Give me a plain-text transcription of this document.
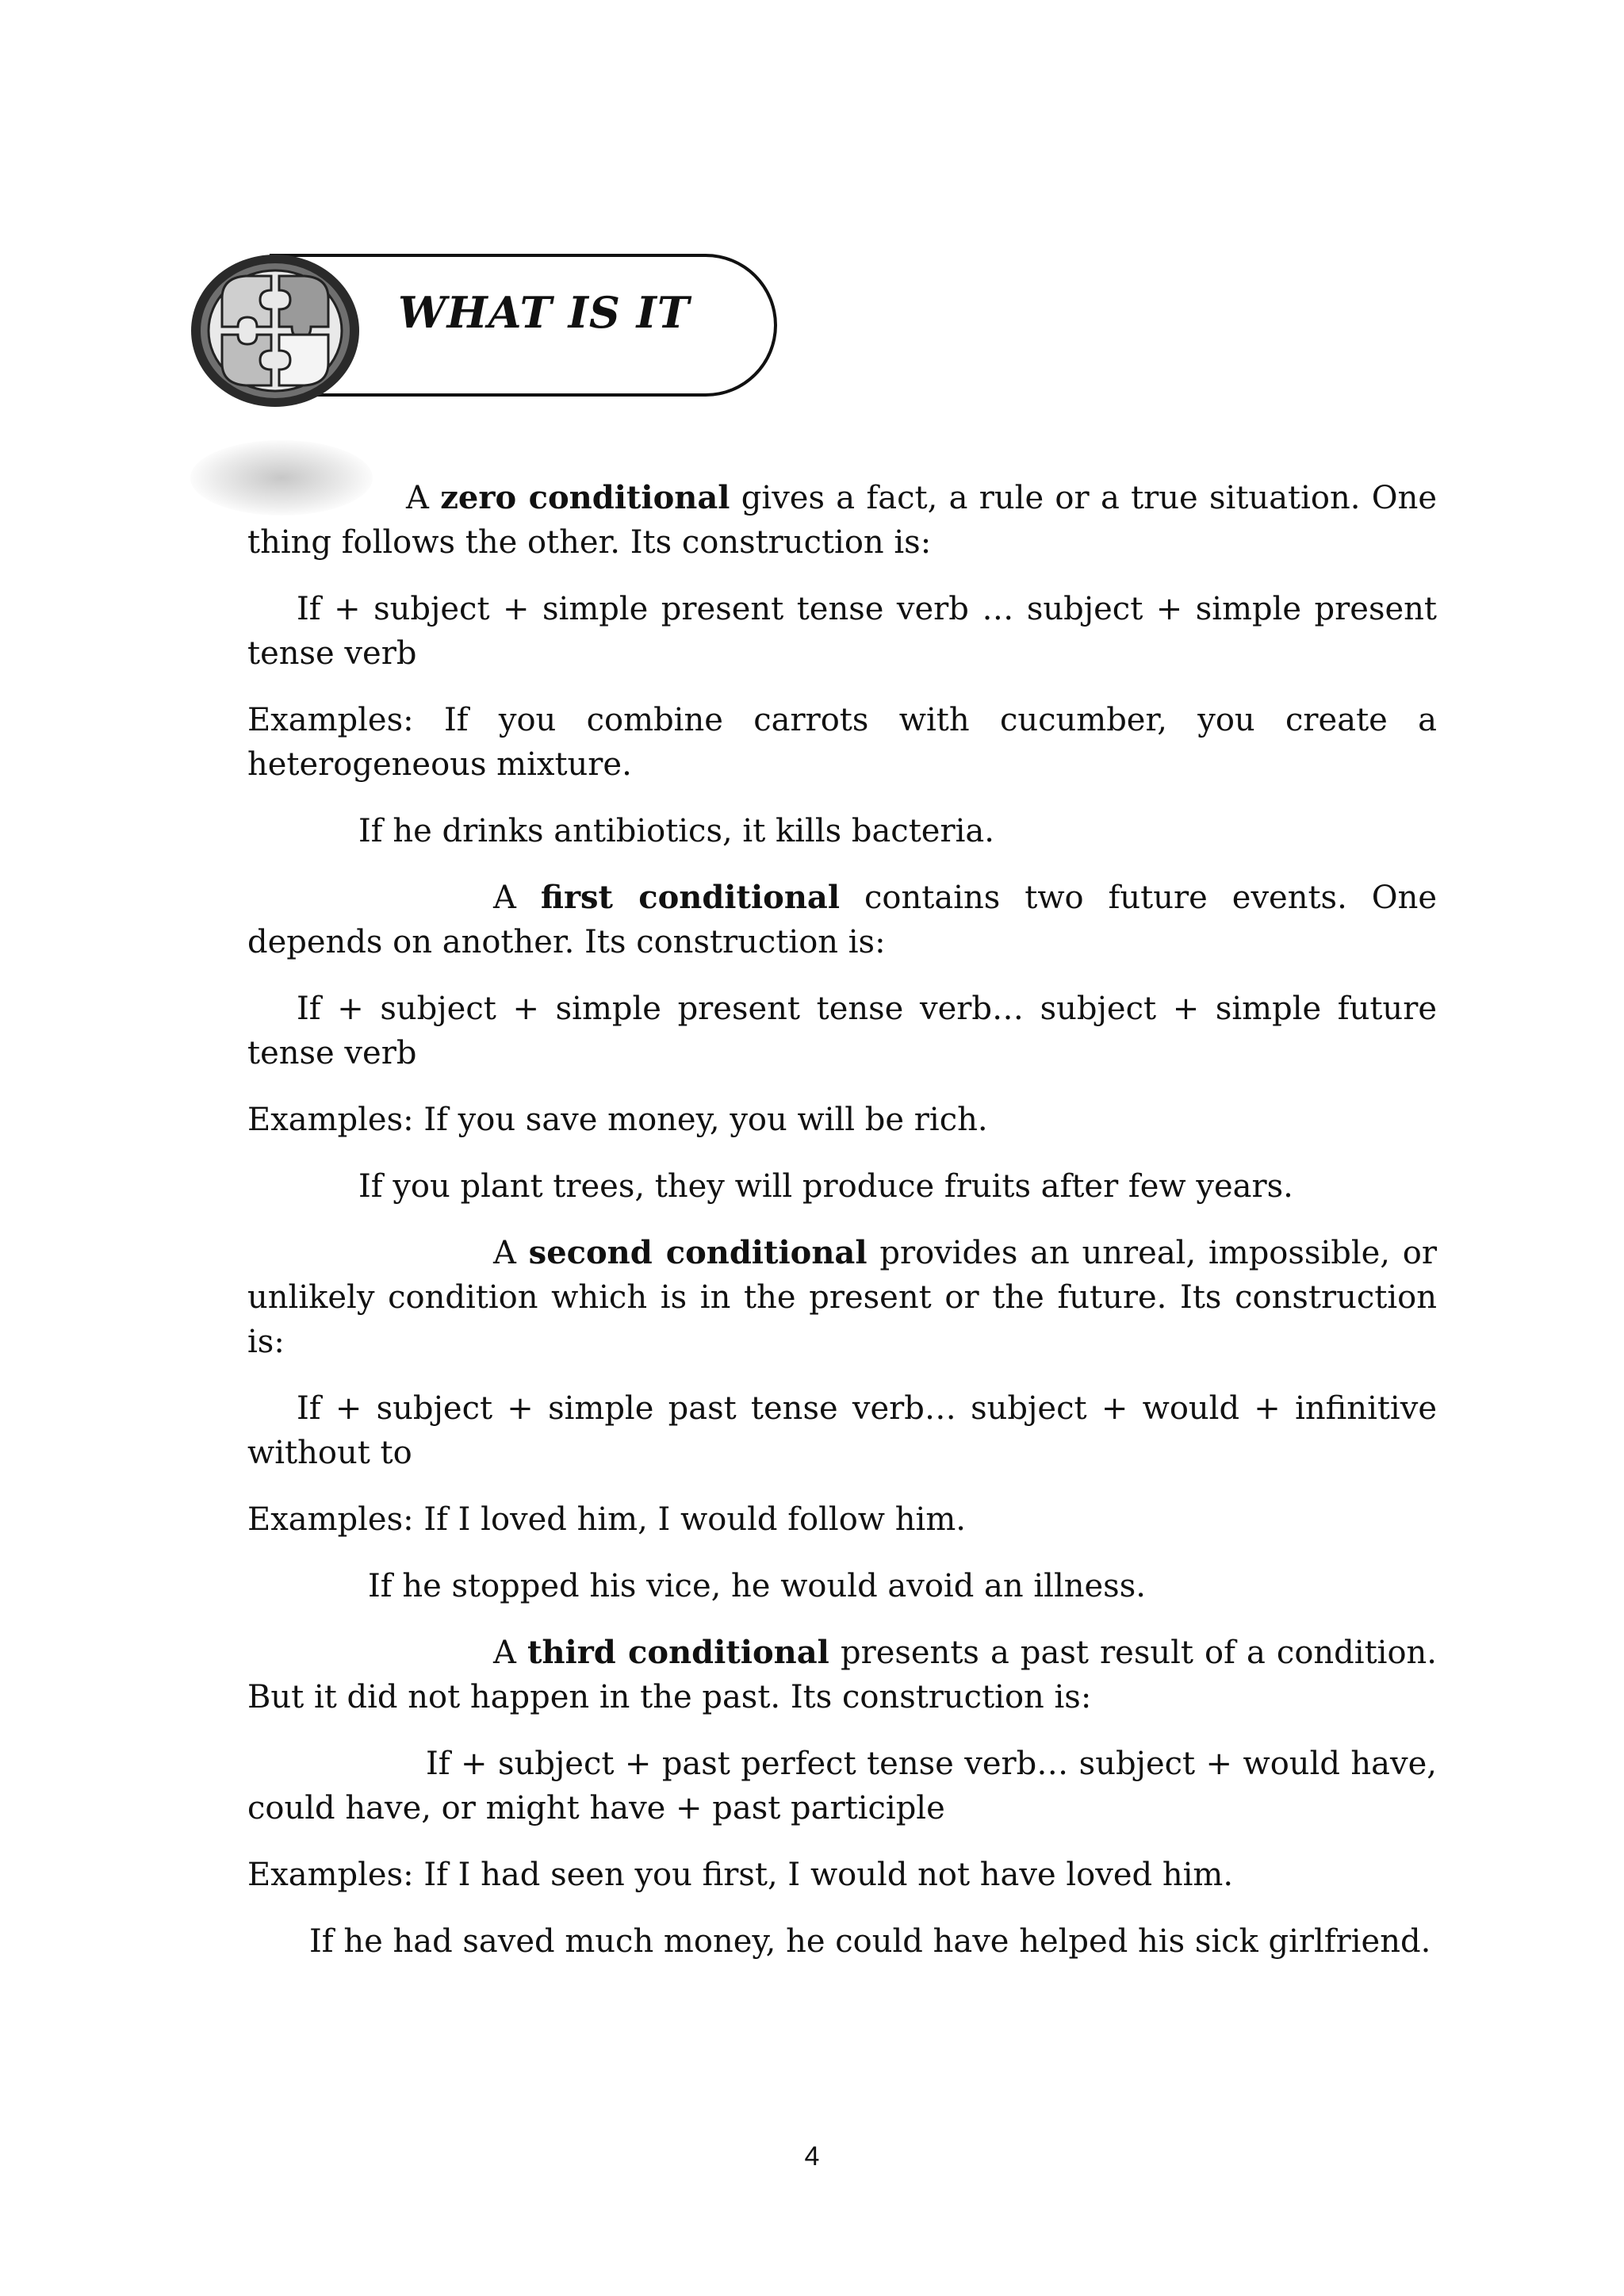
WHAT IS IT

A zero conditional gives a fact, a rule or a true situation. One thing follows the other. Its construction is:

If + subject + simple present tense verb … subject + simple present tense verb

Examples: If you combine carrots with cucumber, you create a heterogeneous mixture.

If he drinks antibiotics, it kills bacteria.

A first conditional contains two future events. One depends on another. Its construction is:

If + subject + simple present tense verb… subject + simple future tense verb

Examples: If you save money, you will be rich.

If you plant trees, they will produce fruits after few years.

A second conditional provides an unreal, impossible, or unlikely condition which is in the present or the future. Its construction is:

If + subject + simple past tense verb… subject + would + infinitive without to

Examples: If I loved him, I would follow him.

If he stopped his vice, he would avoid an illness.

A third conditional presents a past result of a condition. But it did not happen in the past. Its construction is:

If + subject + past perfect tense verb… subject + would have, could have, or might have + past participle

Examples: If I had seen you first, I would not have loved him.

If he had saved much money, he could have helped his sick girlfriend.

4
